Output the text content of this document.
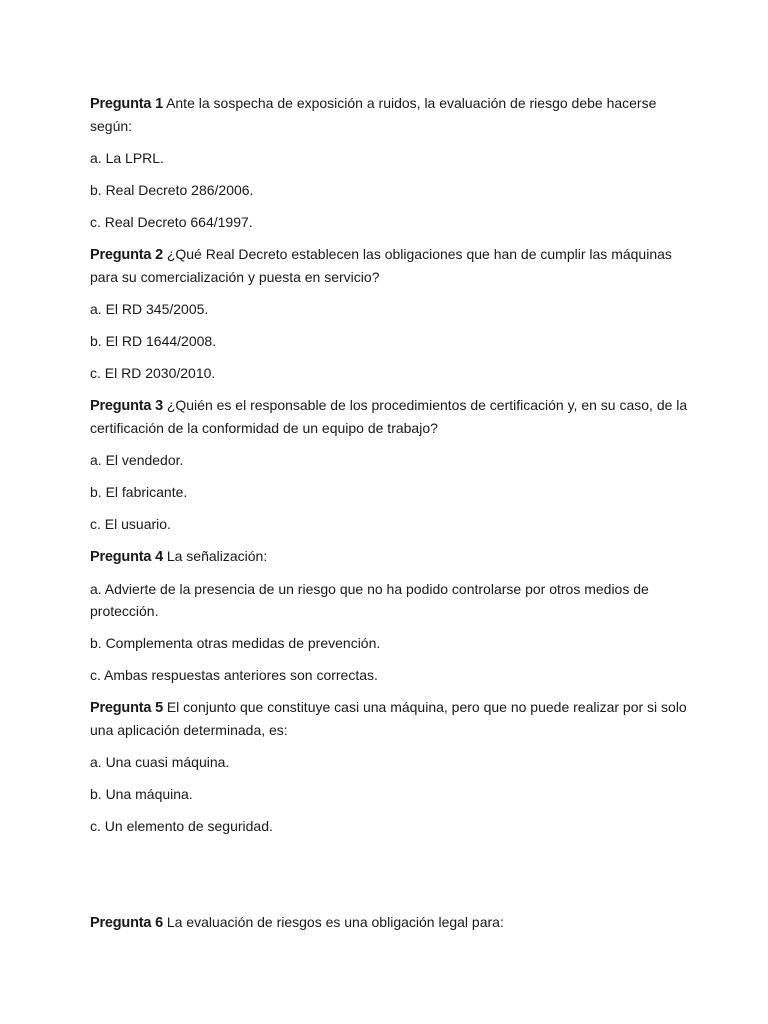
Pregunta 1 Ante la sospecha de exposición a ruidos, la evaluación de riesgo debe hacerse según:

a. La LPRL.

b. Real Decreto 286/2006.

c. Real Decreto 664/1997.

Pregunta 2 ¿Qué Real Decreto establecen las obligaciones que han de cumplir las máquinas para su comercialización y puesta en servicio?

a. El RD 345/2005.

b. El RD 1644/2008.

c. El RD 2030/2010.

Pregunta 3 ¿Quién es el responsable de los procedimientos de certificación y, en su caso, de la certificación de la conformidad de un equipo de trabajo?

a. El vendedor.

b. El fabricante.

c. El usuario.

Pregunta 4 La señalización:

a. Advierte de la presencia de un riesgo que no ha podido controlarse por otros medios de protección.

b. Complementa otras medidas de prevención.

c. Ambas respuestas anteriores son correctas.

Pregunta 5 El conjunto que constituye casi una máquina, pero que no puede realizar por si solo una aplicación determinada, es:

a. Una cuasi máquina.

b. Una máquina.

c. Un elemento de seguridad.

Pregunta 6 La evaluación de riesgos es una obligación legal para:
